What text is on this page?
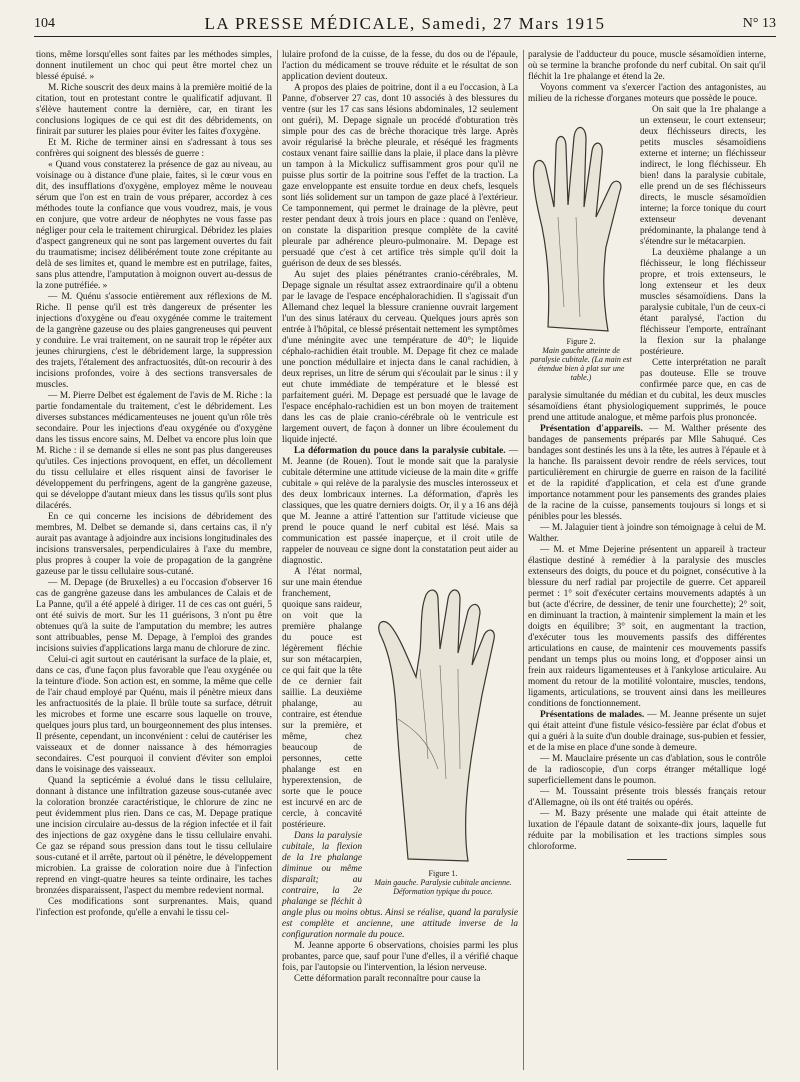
104	LA PRESSE MÉDICALE, Samedi, 27 Mars 1915	N° 13

tions, même lorsqu'elles sont faites par les méthodes simples, donnent inutilement un choc qui peut être mortel chez un blessé épuisé. »

M. Riche souscrit des deux mains à la première moitié de la citation, tout en protestant contre le qualificatif adjuvant. Il s'élève hautement contre la dernière, car, en tirant les conclusions logiques de ce qui est dit des débridements, on finirait par suturer les plaies pour éviter les faites d'oxygène.

Et M. Riche de terminer ainsi en s'adressant à tous ses confrères qui soignent des blessés de guerre :

« Quand vous constaterez la présence de gaz au niveau, au voisinage ou à distance d'une plaie, faites, si le cœur vous en dit, des insufflations d'oxygène, employez même le nouveau sérum que l'on est en train de vous préparer, accordez à ces méthodes toute la confiance que vous voudrez, mais, je vous en conjure, que votre ardeur de néophytes ne vous fasse pas négliger pour cela le traitement chirurgical. Débridez les plaies d'aspect gangreneux qui ne sont pas largement ouvertes du fait du traumatisme; incisez délibérément toute zone crépitante au delà de ses limites et, quand le membre est en putrilage, faites, sans plus attendre, l'amputation à moignon ouvert au-dessus de la zone putréfiée. »

— M. Quénu s'associe entièrement aux réflexions de M. Riche. Il pense qu'il est très dangereux de présenter les injections d'oxygène ou d'eau oxygénée comme le traitement de la gangrène gazeuse ou des plaies gangreneuses qui peuvent y conduire. Le vrai traitement, on ne saurait trop le répéter aux jeunes chirurgiens, c'est le débridement large, la suppression des trajets, l'étalement des anfractuosités, dût-on recourir à des incisions profondes, voire à des sections transversales de muscles.

— M. Pierre Delbet est également de l'avis de M. Riche : la partie fondamentale du traitement, c'est le débridement. Les diverses substances médicamenteuses ne jouent qu'un rôle très secondaire. Pour les injections d'eau oxygénée ou d'oxygène dans les tissus encore sains, M. Delbet va encore plus loin que M. Riche : il se demande si elles ne sont pas plus dangereuses qu'utiles. Ces injections provoquent, en effet, un décollement du tissu cellulaire et elles risquent ainsi de favoriser le développement du perfringens, agent de la gangrène gazeuse, qui se développe d'autant mieux dans les tissus qu'ils sont plus dilacérés.

En ce qui concerne les incisions de débridement des membres, M. Delbet se demande si, dans certains cas, il n'y aurait pas avantage à adjoindre aux incisions longitudinales des incisions transversales, perpendiculaires à l'axe du membre, plus propres à couper la voie de propagation de la gangrène gazeuse par le tissu cellulaire sous-cutané.

— M. Depage (de Bruxelles) a eu l'occasion d'observer 16 cas de gangrène gazeuse dans les ambulances de Calais et de La Panne, qu'il a été appelé à diriger. 11 de ces cas ont guéri, 5 ont été suivis de mort. Sur les 11 guérisons, 3 n'ont pu être obtenues qu'à la suite de l'amputation du membre; les autres sont attribuables, pense M. Depage, à l'emploi des grandes incisions suivies d'applications larga manu de chlorure de zinc.

Celui-ci agit surtout en cautérisant la surface de la plaie, et, dans ce cas, d'une façon plus favorable que l'eau oxygénée ou la teinture d'iode. Son action est, en somme, la même que celle de l'air chaud employé par Quénu, mais il pénètre mieux dans les anfractuosités de la plaie. Il brûle toute sa surface, détruit les microbes et forme une escarre sous laquelle on trouve, quelques jours plus tard, un bourgeonnement des plus intenses. Il présente, cependant, un inconvénient : celui de cautériser les vaisseaux et de donner naissance à des hémorragies secondaires. C'est pourquoi il convient d'éviter son emploi dans le voisinage des vaisseaux.

Quand la septicémie a évolué dans le tissu cellulaire, donnant à distance une infiltration gazeuse sous-cutanée avec la coloration bronzée caractéristique, le chlorure de zinc ne peut évidemment plus rien. Dans ce cas, M. Depage pratique une incision circulaire au-dessus de la région infectée et il fait des injections de gaz oxygène dans le tissu cellulaire envahi. Ce gaz se répand sous pression dans tout le tissu cellulaire sous-cutané et il arrête, partout où il pénètre, le développement microbien. La graisse de coloration noire due à l'infection reprend en vingt-quatre heures sa teinte ordinaire, les taches bronzées disparaissent, l'aspect du membre redevient normal.

Ces modifications sont surprenantes. Mais, quand l'infection est profonde, qu'elle a envahi le tissu cel-

lulaire profond de la cuisse, de la fesse, du dos ou de l'épaule, l'action du médicament se trouve réduite et le résultat de son application devient douteux.

A propos des plaies de poitrine, dont il a eu l'occasion, à La Panne, d'observer 27 cas, dont 10 associés à des blessures du ventre (sur les 17 cas sans lésions abdominales, 12 seulement ont guéri), M. Depage signale un procédé d'obturation très simple pour des cas de brèche thoracique très large. Après avoir régularisé la brèche pleurale, et réséqué les fragments costaux venant faire saillie dans la plaie, il place dans la plèvre un tampon à la Mickulicz suffisamment gros pour qu'il ne puisse plus sortir de la poitrine sous l'effet de la traction. La gaze enveloppante est ensuite tordue en deux chefs, lesquels sont liés solidement sur un tampon de gaze placé à l'extérieur. Ce tamponnement, qui permet le drainage de la plèvre, peut rester pendant deux à trois jours en place : quand on l'enlève, on constate la disparition presque complète de la cavité pleurale par adhérence pleuro-pulmonaire. M. Depage est persuadé que c'est à cet artifice très simple qu'il doit la guérison de deux de ses blessés.

Au sujet des plaies pénétrantes cranio-cérébrales, M. Depage signale un résultat assez extraordinaire qu'il a obtenu par le lavage de l'espace encéphalorachidien. Il s'agissait d'un Allemand chez lequel la blessure cranienne ouvrait largement l'un des sinus latéraux du cerveau. Quelques jours après son entrée à l'hôpital, ce blessé présentait nettement les symptômes d'une méningite avec une température de 40°; le liquide céphalo-rachidien était trouble. M. Depage fit chez ce malade une ponction médullaire et injecta dans le canal rachidien, à deux reprises, un litre de sérum qui s'écoulait par le sinus : il y eut chute immédiate de température et le blessé est parfaitement guéri. M. Depage est persuadé que le lavage de l'espace encéphalo-rachidien est un bon moyen de traitement dans les cas de plaie cranio-cérébrale où le ventricule est largement ouvert, de façon à donner un libre écoulement du liquide injecté.

La déformation du pouce dans la paralysie cubitale. — M. Jeanne (de Rouen). Tout le monde sait que la paralysie cubitale détermine une attitude vicieuse de la main dite « griffe cubitale » qui relève de la paralysie des muscles interosseux et des deux lombricaux internes. La déformation, d'après les classiques, que les quatre derniers doigts. Or, il y a 16 ans déjà que M. Jeanne a attiré l'attention sur l'attitude vicieuse que prend le pouce quand le nerf cubital est lésé. Mais sa communication est passée inaperçue, et il croit utile de rappeler de nouveau ce signe dont la constatation peut aider au diagnostic.

Figure 1.
Main gauche. Paralysie cubitale ancienne. Déformation typique du pouce.

A l'état normal, sur une main étendue franchement, quoique sans raideur, on voit que la première phalange du pouce est légèrement fléchie sur son métacarpien, ce qui fait que la tête de ce dernier fait saillie. La deuxième phalange, au contraire, est étendue sur la première, et même, chez beaucoup de personnes, cette phalange est en hyperextension, de sorte que le pouce est incurvé en arc de cercle, à concavité postérieure.

Dans la paralysie cubitale, la flexion de la 1re phalange diminue ou même disparaît; au contraire, la 2e phalange se fléchit à angle plus ou moins obtus. Ainsi se réalise, quand la paralysie est complète et ancienne, une attitude inverse de la configuration normale du pouce.

M. Jeanne apporte 6 observations, choisies parmi les plus probantes, parce que, sauf pour l'une d'elles, il a vérifié chaque fois, par l'autopsie ou l'intervention, la lésion nerveuse.

Cette déformation paraît reconnaître pour cause la

paralysie de l'adducteur du pouce, muscle sésamoïdien interne, où se termine la branche profonde du nerf cubital. On sait qu'il fléchit la 1re phalange et étend la 2e.

Voyons comment va s'exercer l'action des antagonistes, au milieu de la richesse d'organes moteurs que possède le pouce.

Figure 2.
Main gauche atteinte de paralysie cubitale. (La main est étendue bien à plat sur une table.)

On sait que la 1re phalange a un extenseur, le court extenseur; deux fléchisseurs directs, les petits muscles sésamoïdiens externe et interne; un fléchisseur indirect, le long fléchisseur. Eh bien! dans la paralysie cubitale, elle prend un de ses fléchisseurs directs, le muscle sésamoïdien interne; la force tonique du court extenseur devenant prédominante, la phalange tend à s'étendre sur le métacarpien.

La deuxième phalange a un fléchisseur, le long fléchisseur propre, et trois extenseurs, le long extenseur et les deux muscles sésamoïdiens. Dans la paralysie cubitale, l'un de ceux-ci étant paralysé, l'action du fléchisseur l'emporte, entraînant la flexion sur la phalange postérieure.

Cette interprétation ne paraît pas douteuse. Elle se trouve confirmée parce que, en cas de paralysie simultanée du médian et du cubital, les deux muscles sésamoïdiens étant physiologiquement supprimés, le pouce prend une attitude analogue, et même parfois plus prononcée.

Présentation d'appareils. — M. Walther présente des bandages de pansements préparés par Mlle Sahuqué. Ces bandages sont destinés les uns à la tête, les autres à l'épaule et à la hanche. Ils paraissent devoir rendre de réels services, tout particulièrement en chirurgie de guerre en raison de la facilité et de la rapidité d'application, et cela est d'une grande importance notamment pour les pansements des grandes plaies de la racine de la cuisse, pansements toujours si longs et si pénibles pour les blessés.

— M. Jalaguier tient à joindre son témoignage à celui de M. Walther.

— M. et Mme Dejerine présentent un appareil à tracteur élastique destiné à remédier à la paralysie des muscles extenseurs des doigts, du pouce et du poignet, consécutive à la blessure du nerf radial par projectile de guerre. Cet appareil permet : 1° soit d'exécuter certains mouvements adaptés à un but (acte d'écrire, de dessiner, de tenir une fourchette); 2° soit, en diminuant la traction, à maintenir simplement la main et les doigts en équilibre; 3° soit, en augmentant la traction, d'exécuter tous les mouvements passifs des différentes articulations en cause, de maintenir ces mouvements passifs pendant un temps plus ou moins long, et d'opposer ainsi un frein aux raideurs ligamenteuses et à l'ankylose articulaire. Au moment du retour de la motilité volontaire, muscles, tendons, ligaments, articulations, se trouvent ainsi dans les meilleures conditions de fonctionnement.

Présentations de malades. — M. Jeanne présente un sujet qui était atteint d'une fistule vésico-fessière par éclat d'obus et qui a guéri à la suite d'un double drainage, sus-pubien et fessier, et de la mise en place d'une sonde à demeure.

— M. Mauclaire présente un cas d'ablation, sous le contrôle de la radioscopie, d'un corps étranger métallique logé superficiellement dans le poumon.

— M. Toussaint présente trois blessés français retour d'Allemagne, où ils ont été traités ou opérés.

— M. Bazy présente une malade qui était atteinte de luxation de l'épaule datant de soixante-dix jours, laquelle fut réduite par la mobilisation et les tractions simples sous chloroforme.
